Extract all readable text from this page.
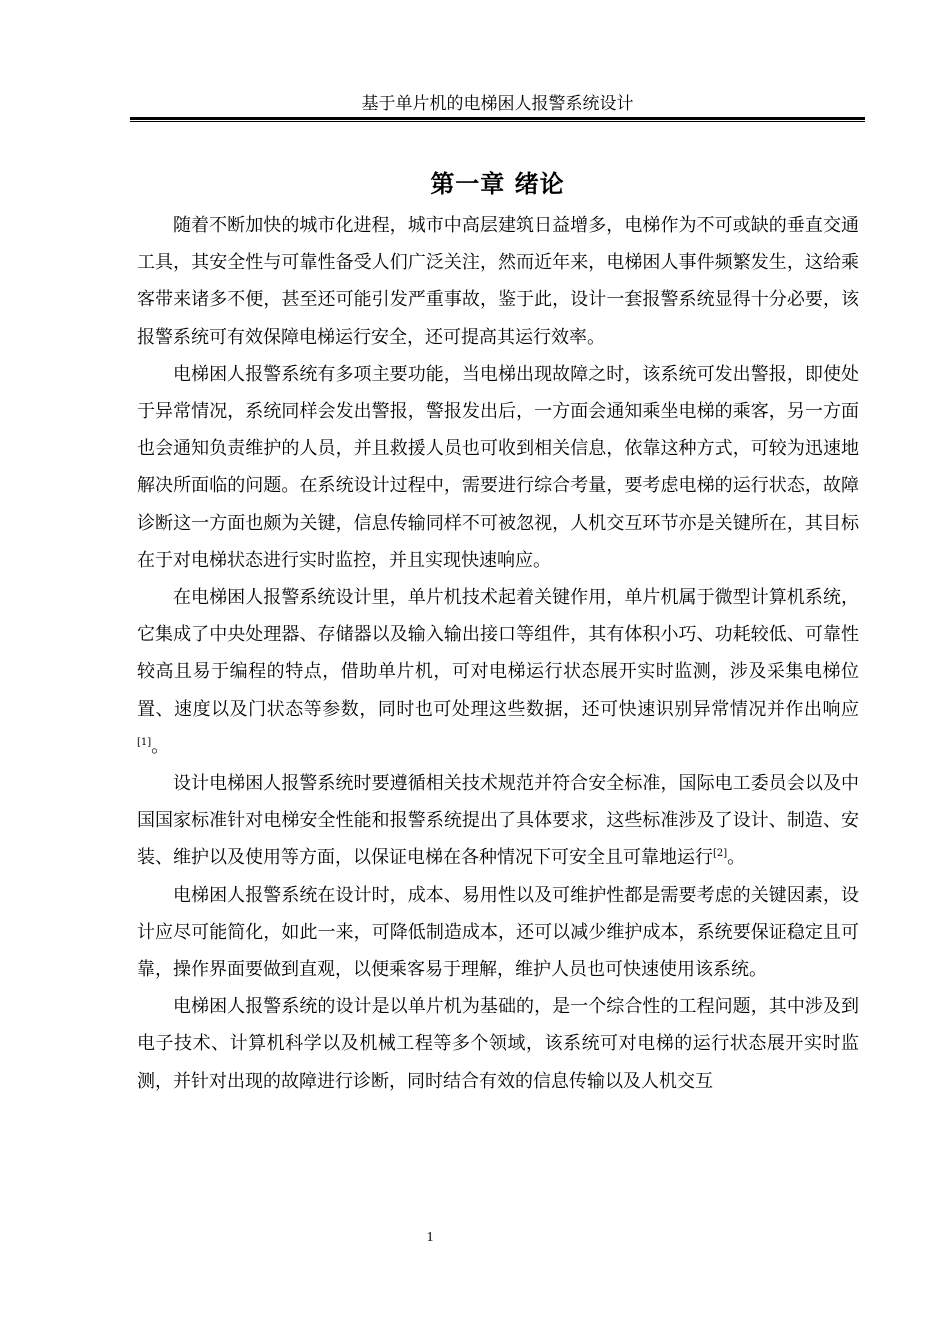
基于单片机的电梯困人报警系统设计
第一章 绪论

随着不断加快的城市化进程，城市中高层建筑日益增多，电梯作为不可或缺的垂直交通工具，其安全性与可靠性备受人们广泛关注，然而近年来，电梯困人事件频繁发生，这给乘客带来诸多不便，甚至还可能引发严重事故，鉴于此，设计一套报警系统显得十分必要，该报警系统可有效保障电梯运行安全，还可提高其运行效率。

电梯困人报警系统有多项主要功能，当电梯出现故障之时，该系统可发出警报，即使处于异常情况，系统同样会发出警报，警报发出后，一方面会通知乘坐电梯的乘客，另一方面也会通知负责维护的人员，并且救援人员也可收到相关信息，依靠这种方式，可较为迅速地解决所面临的问题。在系统设计过程中，需要进行综合考量，要考虑电梯的运行状态，故障诊断这一方面也颇为关键，信息传输同样不可被忽视，人机交互环节亦是关键所在，其目标在于对电梯状态进行实时监控，并且实现快速响应。

在电梯困人报警系统设计里，单片机技术起着关键作用，单片机属于微型计算机系统，它集成了中央处理器、存储器以及输入输出接口等组件，其有体积小巧、功耗较低、可靠性较高且易于编程的特点，借助单片机，可对电梯运行状态展开实时监测，涉及采集电梯位置、速度以及门状态等参数，同时也可处理这些数据，还可快速识别异常情况并作出响应[1]。

设计电梯困人报警系统时要遵循相关技术规范并符合安全标准，国际电工委员会以及中国国家标准针对电梯安全性能和报警系统提出了具体要求，这些标准涉及了设计、制造、安装、维护以及使用等方面，以保证电梯在各种情况下可安全且可靠地运行[2]。

电梯困人报警系统在设计时，成本、易用性以及可维护性都是需要考虑的关键因素，设计应尽可能简化，如此一来，可降低制造成本，还可以减少维护成本，系统要保证稳定且可靠，操作界面要做到直观，以便乘客易于理解，维护人员也可快速使用该系统。

电梯困人报警系统的设计是以单片机为基础的，是一个综合性的工程问题，其中涉及到电子技术、计算机科学以及机械工程等多个领域，该系统可对电梯的运行状态展开实时监测，并针对出现的故障进行诊断，同时结合有效的信息传输以及人机交互

1
